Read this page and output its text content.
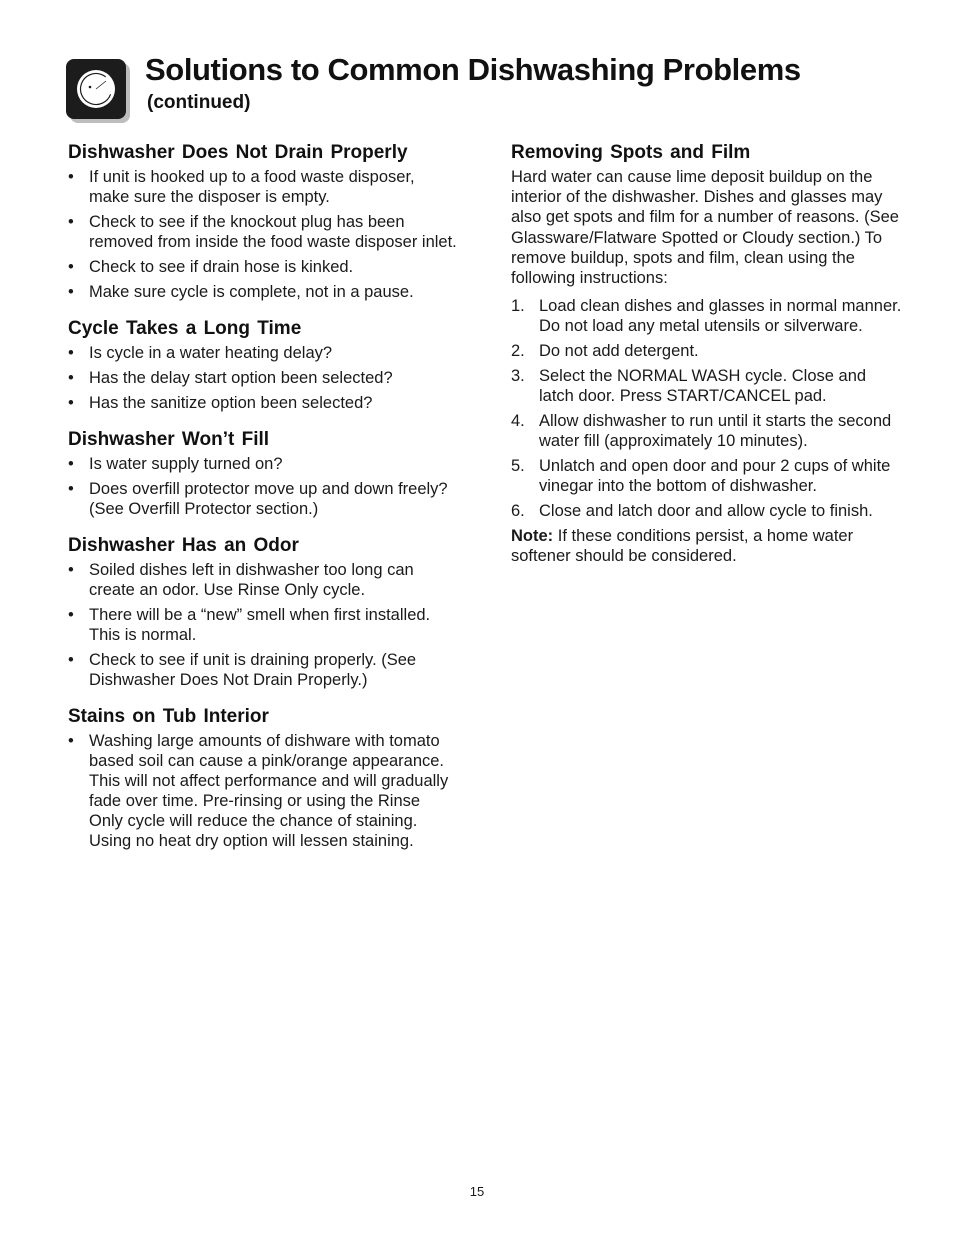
Solutions to Common Dishwashing Problems
(continued)
Dishwasher Does Not Drain Properly
• If unit is hooked up to a food waste disposer, make sure the disposer is empty.
• Check to see if the knockout plug has been removed from inside the food waste disposer inlet.
• Check to see if drain hose is kinked.
• Make sure cycle is complete, not in a pause.
Cycle Takes a Long Time
• Is cycle in a water heating delay?
• Has the delay start option been selected?
• Has the sanitize option been selected?
Dishwasher Won’t Fill
• Is water supply turned on?
• Does overfill protector move up and down freely? (See Overfill Protector section.)
Dishwasher Has an Odor
• Soiled dishes left in dishwasher too long can create an odor. Use Rinse Only cycle.
• There will be a “new” smell when first installed. This is normal.
• Check to see if unit is draining properly. (See Dishwasher Does Not Drain Properly.)
Stains on Tub Interior
• Washing large amounts of dishware with tomato based soil can cause a pink/orange appearance. This will not affect performance and will gradually fade over time. Pre-rinsing or using the Rinse Only cycle will reduce the chance of staining. Using no heat dry option will lessen staining.
Removing Spots and Film

Hard water can cause lime deposit buildup on the interior of the dishwasher. Dishes and glasses may also get spots and film for a number of reasons. (See Glassware/Flatware Spotted or Cloudy section.) To remove buildup, spots and film, clean using the following instructions:

1. Load clean dishes and glasses in normal manner. Do not load any metal utensils or silverware.
2. Do not add detergent.
3. Select the NORMAL WASH cycle. Close and latch door. Press START/CANCEL pad.
4. Allow dishwasher to run until it starts the second water fill (approximately 10 minutes).
5. Unlatch and open door and pour 2 cups of white vinegar into the bottom of dishwasher.
6. Close and latch door and allow cycle to finish.

Note: If these conditions persist, a home water softener should be considered.

15
